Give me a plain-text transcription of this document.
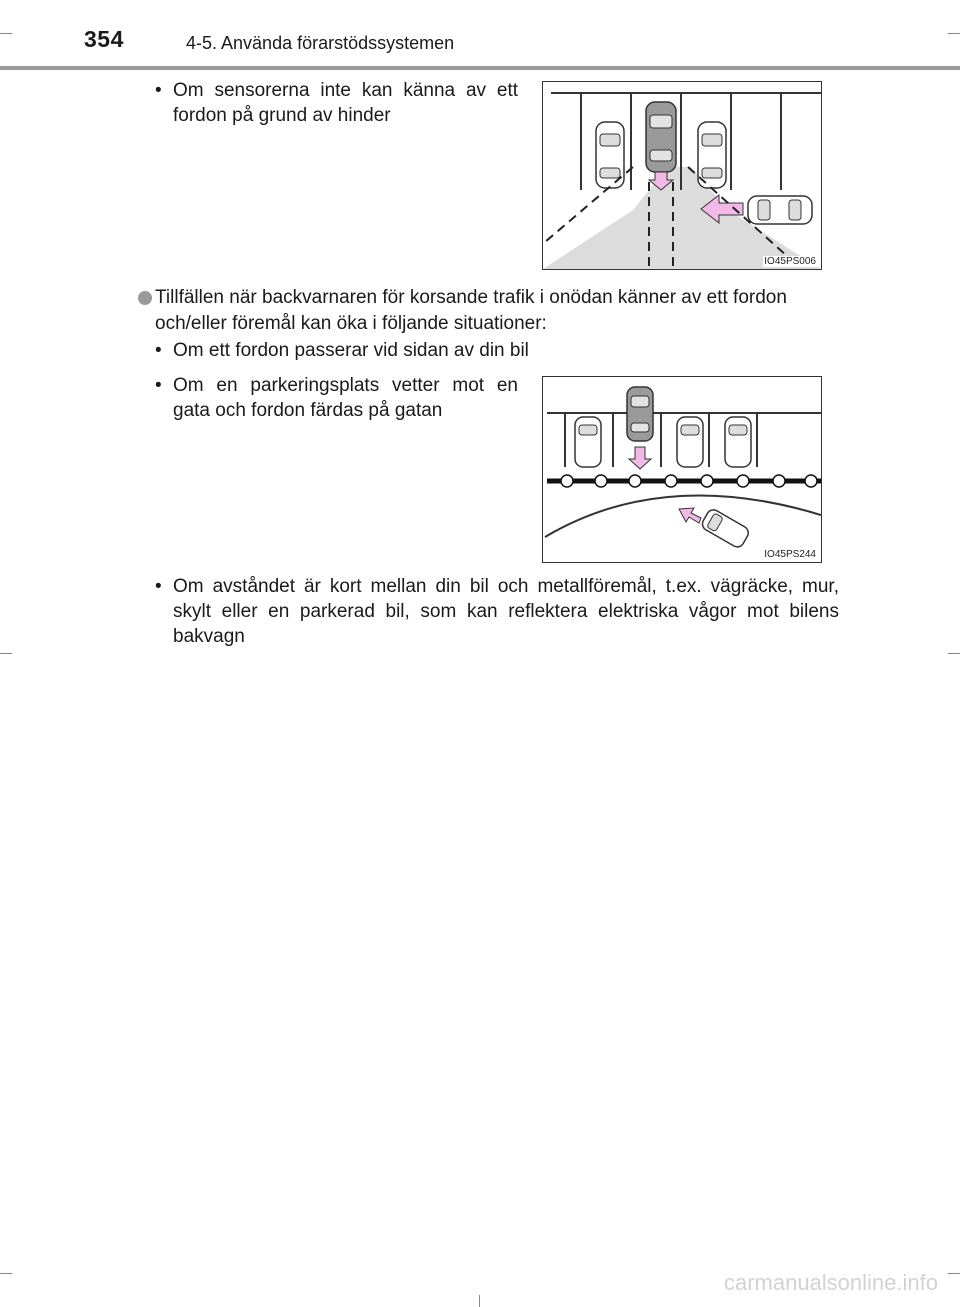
354	4-5. Använda förarstödssystemen
• Om sensorerna inte kan känna av ett fordon på grund av hinder
IO45PS006
Tillfällen när backvarnaren för korsande trafik i onödan känner av ett fordon och/eller föremål kan öka i följande situationer:
• Om ett fordon passerar vid sidan av din bil
• Om en parkeringsplats vetter mot en gata och fordon färdas på gatan
IO45PS244
• Om avståndet är kort mellan din bil och metallföremål, t.ex. vägräcke, mur, skylt eller en parkerad bil, som kan reflektera elektriska vågor mot bilens bakvagn
carmanualsonline.info
